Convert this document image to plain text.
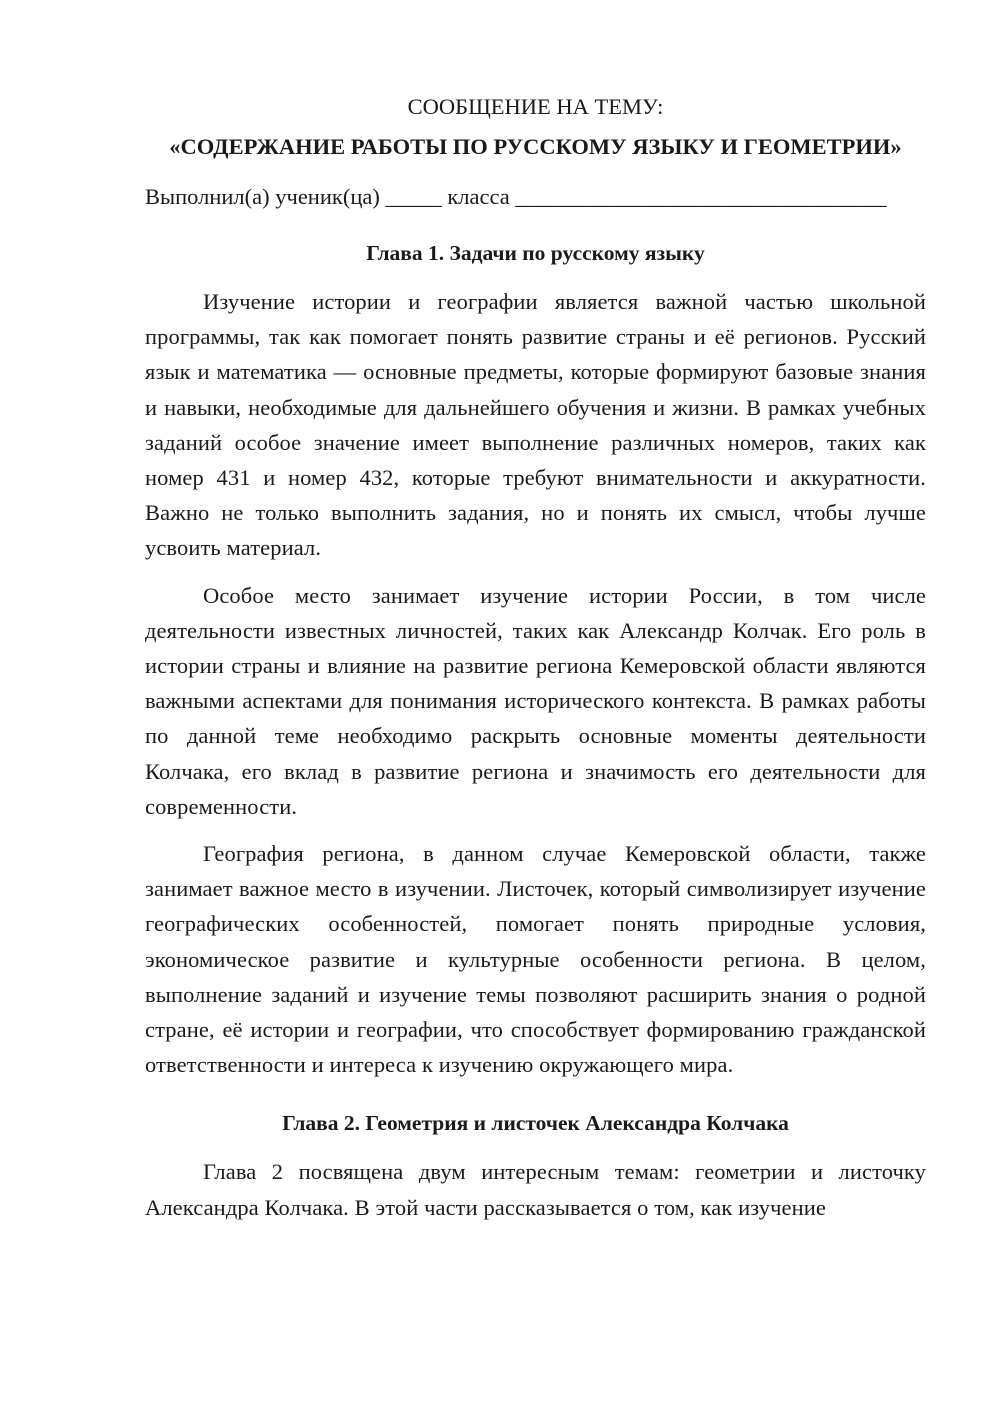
СООБЩЕНИЕ НА ТЕМУ:
«СОДЕРЖАНИЕ РАБОТЫ ПО РУССКОМУ ЯЗЫКУ И ГЕОМЕТРИИ»
Выполнил(а) ученик(ца) _____ класса _________________________________
Глава 1. Задачи по русскому языку

Изучение истории и географии является важной частью школьной программы, так как помогает понять развитие страны и её регионов. Русский язык и математика — основные предметы, которые формируют базовые знания и навыки, необходимые для дальнейшего обучения и жизни. В рамках учебных заданий особое значение имеет выполнение различных номеров, таких как номер 431 и номер 432, которые требуют внимательности и аккуратности. Важно не только выполнить задания, но и понять их смысл, чтобы лучше усвоить материал.

Особое место занимает изучение истории России, в том числе деятельности известных личностей, таких как Александр Колчак. Его роль в истории страны и влияние на развитие региона Кемеровской области являются важными аспектами для понимания исторического контекста. В рамках работы по данной теме необходимо раскрыть основные моменты деятельности Колчака, его вклад в развитие региона и значимость его деятельности для современности.

География региона, в данном случае Кемеровской области, также занимает важное место в изучении. Листочек, который символизирует изучение географических особенностей, помогает понять природные условия, экономическое развитие и культурные особенности региона. В целом, выполнение заданий и изучение темы позволяют расширить знания о родной стране, её истории и географии, что способствует формированию гражданской ответственности и интереса к изучению окружающего мира.

Глава 2. Геометрия и листочек Александра Колчака

Глава 2 посвящена двум интересным темам: геометрии и листочку Александра Колчака. В этой части рассказывается о том, как изучение
